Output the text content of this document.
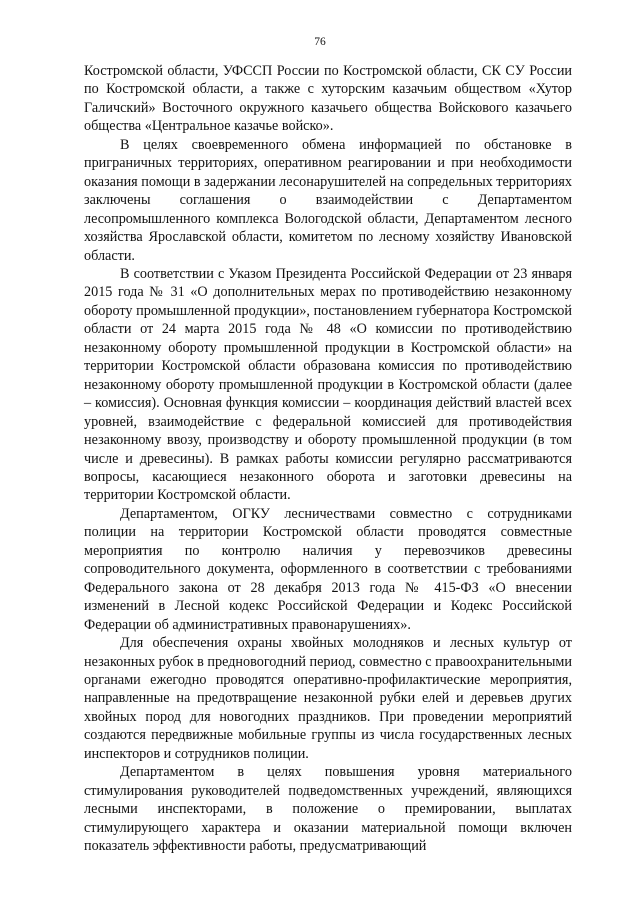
76

Костромской области, УФССП России по Костромской области, СК СУ России по Костромской области, а также с хуторским казачьим обществом «Хутор Галичский» Восточного окружного казачьего общества Войскового казачьего общества «Центральное казачье войско».

В целях своевременного обмена информацией по обстановке в приграничных территориях, оперативном реагировании и при необходимости оказания помощи в задержании лесонарушителей на сопредельных территориях заключены соглашения о взаимодействии с Департаментом лесопромышленного комплекса Вологодской области, Департаментом лесного хозяйства Ярославской области, комитетом по лесному хозяйству Ивановской области.

В соответствии с Указом Президента Российской Федерации от 23 января 2015 года № 31 «О дополнительных мерах по противодействию незаконному обороту промышленной продукции», постановлением губернатора Костромской области от 24 марта 2015 года № 48 «О комиссии по противодействию незаконному обороту промышленной продукции в Костромской области» на территории Костромской области образована комиссия по противодействию незаконному обороту промышленной продукции в Костромской области (далее – комиссия). Основная функция комиссии – координация действий властей всех уровней, взаимодействие с федеральной комиссией для противодействия незаконному ввозу, производству и обороту промышленной продукции (в том числе и древесины). В рамках работы комиссии регулярно рассматриваются вопросы, касающиеся незаконного оборота и заготовки древесины на территории Костромской области.

Департаментом, ОГКУ лесничествами совместно с сотрудниками полиции на территории Костромской области проводятся совместные мероприятия по контролю наличия у перевозчиков древесины сопроводительного документа, оформленного в соответствии с требованиями Федерального закона от 28 декабря 2013 года № 415-ФЗ «О внесении изменений в Лесной кодекс Российской Федерации и Кодекс Российской Федерации об административных правонарушениях».

Для обеспечения охраны хвойных молодняков и лесных культур от незаконных рубок в предновогодний период, совместно с правоохранительными органами ежегодно проводятся оперативно-профилактические мероприятия, направленные на предотвращение незаконной рубки елей и деревьев других хвойных пород для новогодних праздников. При проведении мероприятий создаются передвижные мобильные группы из числа государственных лесных инспекторов и сотрудников полиции.

Департаментом в целях повышения уровня материального стимулирования руководителей подведомственных учреждений, являющихся лесными инспекторами, в положение о премировании, выплатах стимулирующего характера и оказании материальной помощи включен показатель эффективности работы, предусматривающий
